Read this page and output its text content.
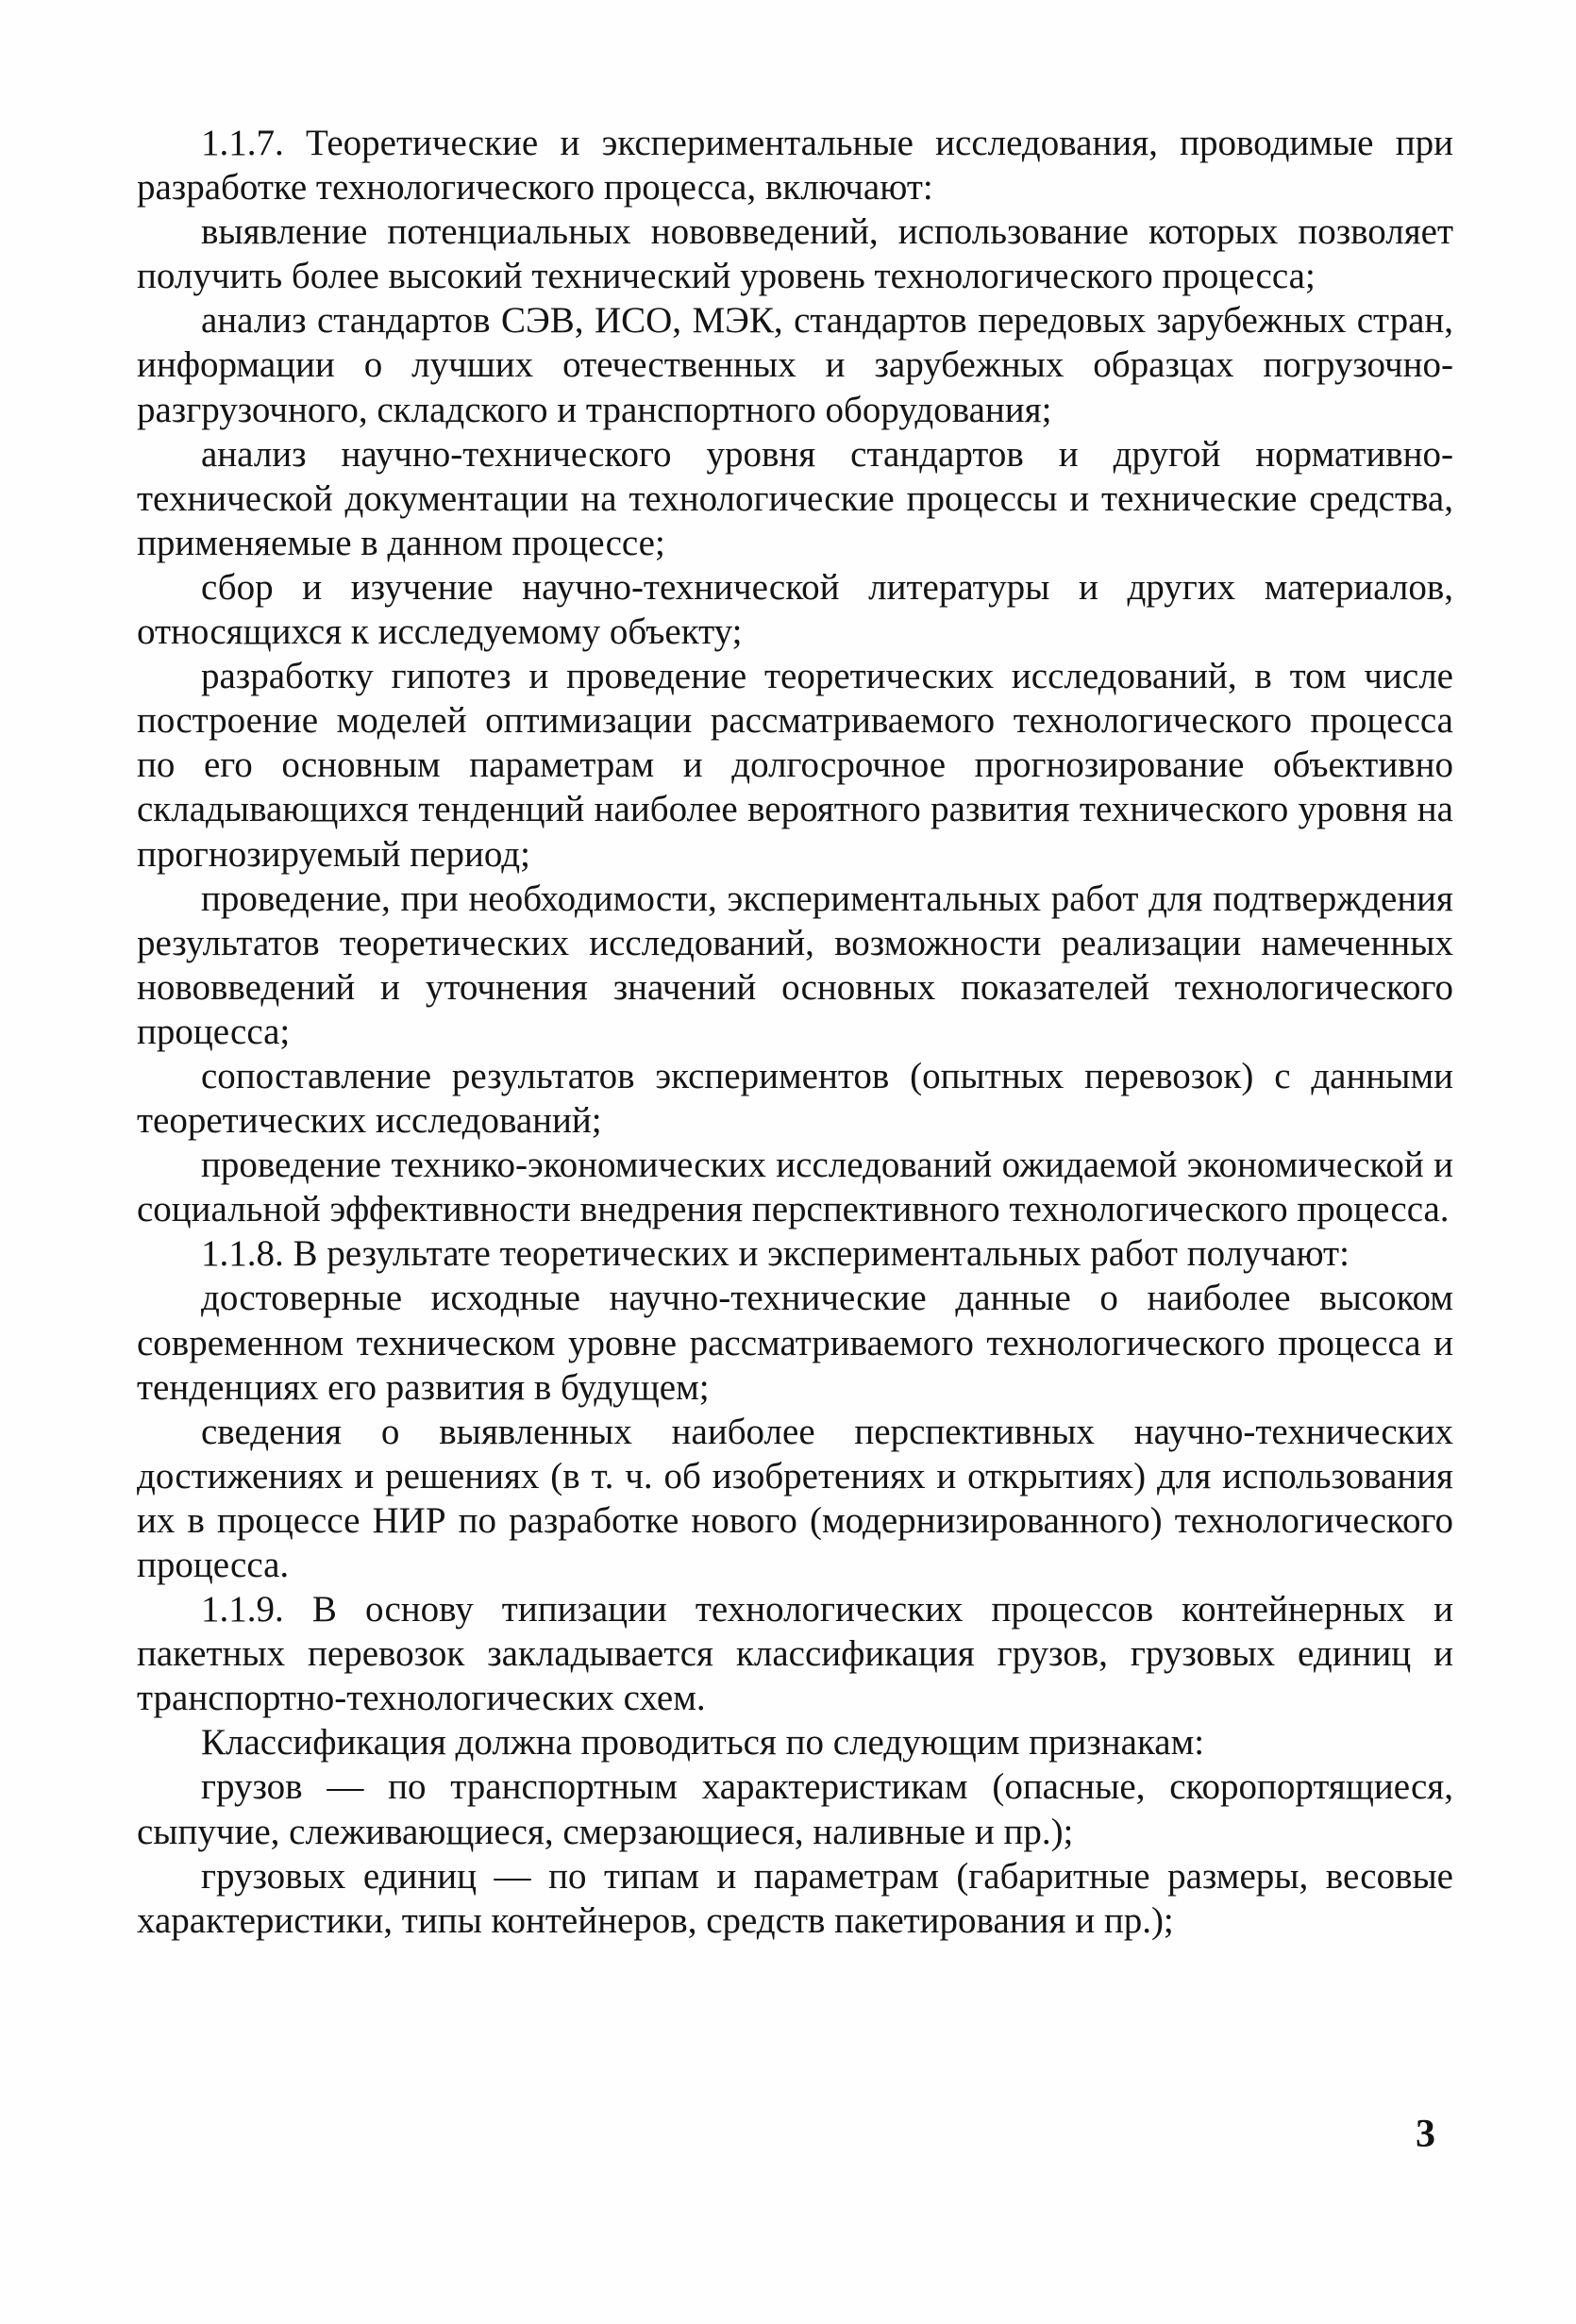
1.1.7. Теоретические и экспериментальные исследования, проводимые при разработке технологического процесса, включают:

выявление потенциальных нововведений, использование которых позволяет получить более высокий технический уровень технологического процесса;

анализ стандартов СЭВ, ИСО, МЭК, стандартов передовых зарубежных стран, информации о лучших отечественных и зарубежных образцах погрузочно-разгрузочного, складского и транспортного оборудования;

анализ научно-технического уровня стандартов и другой нормативно-технической документации на технологические процессы и технические средства, применяемые в данном процессе;

сбор и изучение научно-технической литературы и других материалов, относящихся к исследуемому объекту;

разработку гипотез и проведение теоретических исследований, в том числе построение моделей оптимизации рассматриваемого технологического процесса по его основным параметрам и долгосрочное прогнозирование объективно складывающихся тенденций наиболее вероятного развития технического уровня на прогнозируемый период;

проведение, при необходимости, экспериментальных работ для подтверждения результатов теоретических исследований, возможности реализации намеченных нововведений и уточнения значений основных показателей технологического процесса;

сопоставление результатов экспериментов (опытных перевозок) с данными теоретических исследований;

проведение технико-экономических исследований ожидаемой экономической и социальной эффективности внедрения перспективного технологического процесса.

1.1.8. В результате теоретических и экспериментальных работ получают:

достоверные исходные научно-технические данные о наиболее высоком современном техническом уровне рассматриваемого технологического процесса и тенденциях его развития в будущем;

сведения о выявленных наиболее перспективных научно-технических достижениях и решениях (в т. ч. об изобретениях и открытиях) для использования их в процессе НИР по разработке нового (модернизированного) технологического процесса.

1.1.9. В основу типизации технологических процессов контейнерных и пакетных перевозок закладывается классификация грузов, грузовых единиц и транспортно-технологических схем.

Классификация должна проводиться по следующим признакам:

грузов — по транспортным характеристикам (опасные, скоропортящиеся, сыпучие, слеживающиеся, смерзающиеся, наливные и пр.);

грузовых единиц — по типам и параметрам (габаритные размеры, весовые характеристики, типы контейнеров, средств пакетирования и пр.);

3
